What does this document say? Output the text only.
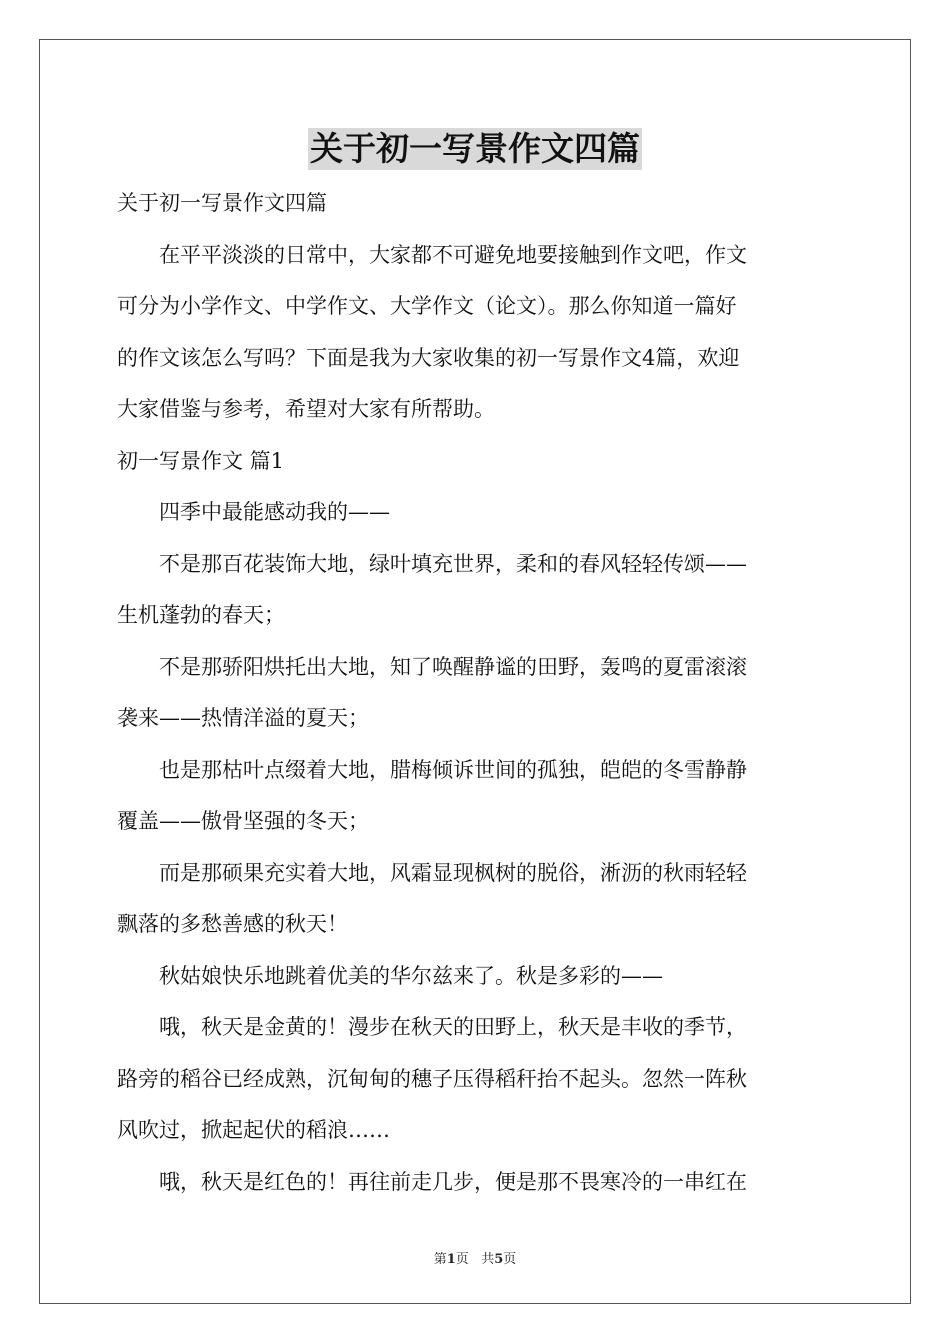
关于初一写景作文四篇
关于初一写景作文四篇
在平平淡淡的日常中，大家都不可避免地要接触到作文吧，作文
可分为小学作文、中学作文、大学作文（论文）。那么你知道一篇好
的作文该怎么写吗？下面是我为大家收集的初一写景作文4篇，欢迎
大家借鉴与参考，希望对大家有所帮助。
初一写景作文 篇1
四季中最能感动我的——
不是那百花装饰大地，绿叶填充世界，柔和的春风轻轻传颂——
生机蓬勃的春天；
不是那骄阳烘托出大地，知了唤醒静谧的田野，轰鸣的夏雷滚滚
袭来——热情洋溢的夏天；
也是那枯叶点缀着大地，腊梅倾诉世间的孤独，皑皑的冬雪静静
覆盖——傲骨坚强的冬天；
而是那硕果充实着大地，风霜显现枫树的脱俗，淅沥的秋雨轻轻
飘落的多愁善感的秋天！
秋姑娘快乐地跳着优美的华尔兹来了。秋是多彩的——
哦，秋天是金黄的！漫步在秋天的田野上，秋天是丰收的季节，
路旁的稻谷已经成熟，沉甸甸的穗子压得稻秆抬不起头。忽然一阵秋
风吹过，掀起起伏的稻浪……
哦，秋天是红色的！再往前走几步，便是那不畏寒冷的一串红在
第1页 共5页
